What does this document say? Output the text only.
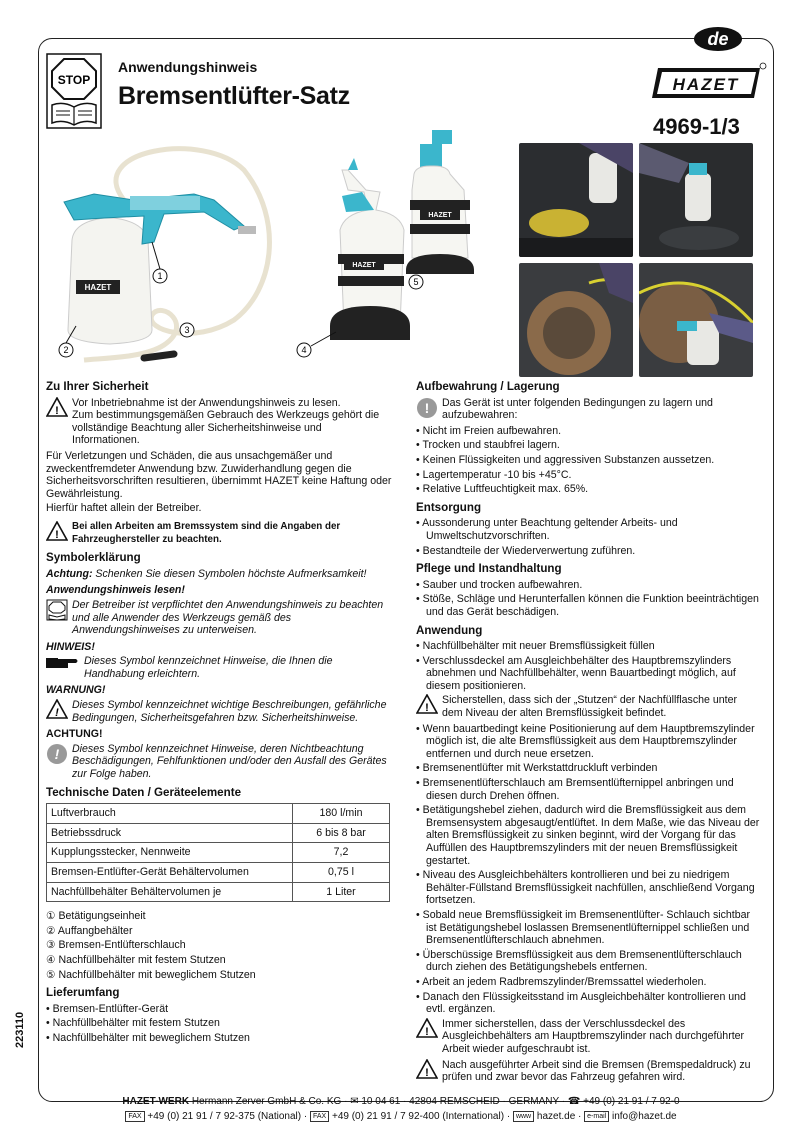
de
STOP
Anwendungshinweis
Bremsentlüfter-Satz	HAZET
4969-1/3
HAZET
HAZET
HAZET
1
2
3
4
5
Zu Ihrer Sicherheit
!
Vor Inbetriebnahme ist der Anwendungshinweis zu lesen.
Zum bestimmungsgemäßen Gebrauch des Werkzeugs gehört die vollständige Beachtung aller Sicherheitshinweise und Informationen.

Für Verletzungen und Schäden, die aus unsachgemäßer und zweckentfremdeter Anwendung bzw. Zuwiderhandlung gegen die Sicherheitsvorschriften resultieren, übernimmt HAZET keine Haftung oder Gewährleistung.

Hierfür haftet allein der Betreiber.

!
Bei allen Arbeiten am Bremssystem sind die Angaben der Fahrzeughersteller zu beachten.
Symbolerklärung

Achtung: Schenken Sie diesen Symbolen höchste Aufmerksamkeit!

Anwendungshinweis lesen!
Der Betreiber ist verpflichtet den Anwendungshinweis zu beachten und alle Anwender des Werkzeugs gemäß des Anwendungshinweises zu unterweisen.
HINWEIS!
Dieses Symbol kennzeichnet Hinweise, die Ihnen die Handhabung erleichtern.
WARNUNG!
!
Dieses Symbol kennzeichnet wichtige Beschreibungen, gefährliche Bedingungen, Sicherheitsgefahren bzw. Sicherheitshinweise.
ACHTUNG!
! Dieses Symbol kennzeichnet Hinweise, deren Nichtbeachtung Beschädigungen, Fehlfunktionen und/oder den Ausfall des Gerätes zur Folge haben.
Technische Daten / Geräteelemente
Luftverbrauch	180 l/min
Betriebssdruck	6 bis 8 bar
Kupplungsstecker, Nennweite	7,2
Bremsen-Entlüfter-Gerät Behältervolumen	0,75 l
Nachfüllbehälter Behältervolumen je	1 Liter
① Betätigungseinheit
② Auffangbehälter
③ Bremsen-Entlüfterschlauch
④ Nachfüllbehälter mit festem Stutzen
⑤ Nachfüllbehälter mit beweglichem Stutzen
Lieferumfang
• Bremsen-Entlüfter-Gerät
• Nachfüllbehälter mit festem Stutzen
• Nachfüllbehälter mit beweglichem Stutzen
Aufbewahrung / Lagerung
! Das Gerät ist unter folgenden Bedingungen zu lagern und aufzubewahren:
• Nicht im Freien aufbewahren.
• Trocken und staubfrei lagern.
• Keinen Flüssigkeiten und aggressiven Substanzen aussetzen.
• Lagertemperatur -10 bis +45°C.
• Relative Luftfeuchtigkeit max. 65%.
Entsorgung
• Aussonderung unter Beachtung geltender Arbeits- und Umweltschutzvorschriften.
• Bestandteile der Wiederverwertung zuführen.
Pflege und Instandhaltung
• Sauber und trocken aufbewahren.
• Stöße, Schläge und Herunterfallen können die Funktion beeinträchtigen und das Gerät beschädigen.
Anwendung
• Nachfüllbehälter mit neuer Bremsflüssigkeit füllen
• Verschlussdeckel am Ausgleichbehälter des Hauptbremszylinders abnehmen und Nachfüllbehälter, wenn Bauartbedingt möglich, auf diesem positionieren.
!
Sicherstellen, dass sich der „Stutzen“ der Nachfüllflasche unter dem Niveau der alten Bremsflüssigkeit befindet.
• Wenn bauartbedingt keine Positionierung auf dem Hauptbremszylinder möglich ist, die alte Bremsflüssigkeit aus dem Hauptbremszylinder entfernen und durch neue ersetzen.
• Bremsenentlüfter mit Werkstattdruckluft verbinden
• Bremsenentlüfterschlauch am Bremsentlüfternippel anbringen und diesen durch Drehen öffnen.
• Betätigungshebel ziehen, dadurch wird die Bremsflüssigkeit aus dem Bremsensystem abgesaugt/entlüftet. In dem Maße, wie das Niveau der alten Bremsflüssigkeit zu sinken beginnt, wird der Vorgang für das Auffüllen des Hauptbremszylinders mit der neuen Bremsflüssigkeit gestartet.
• Niveau des Ausgleichbehälters kontrollieren und bei zu niedrigem Behälter-Füllstand Bremsflüssigkeit nachfüllen, anschließend Vorgang fortsetzen.
• Sobald neue Bremsflüssigkeit im Bremsenentlüfter- Schlauch sichtbar ist Betätigungshebel loslassen Bremsenentlüfternippel schließen und Bremsenentlüfterschlauch abnehmen.
• Überschüssige Bremsflüssigkeit aus dem Bremsenentlüfterschlauch durch ziehen des Betätigungshebels entfernen.
• Arbeit an jedem Radbremszylinder/Bremssattel wiederholen.
• Danach den Flüssigkeitsstand im Ausgleichbehälter kontrollieren und evtl. ergänzen.
!
Immer sicherstellen, dass der Verschlussdeckel des Ausgleichbehälters am Hauptbremszylinder nach durchgeführter Arbeit wieder aufgeschraubt ist.
!
Nach ausgeführter Arbeit sind die Bremsen (Bremspedaldruck) zu prüfen und zwar bevor das Fahrzeug gefahren wird.
223110
HAZET-WERK Hermann Zerver GmbH & Co. KG · ✉ 10 04 61 · 42804 REMSCHEID · GERMANY · ☎ +49 (0) 21 91 / 7 92-0
FAX +49 (0) 21 91 / 7 92-375 (National) · FAX +49 (0) 21 91 / 7 92-400 (International) · www hazet.de · e-mail info@hazet.de
